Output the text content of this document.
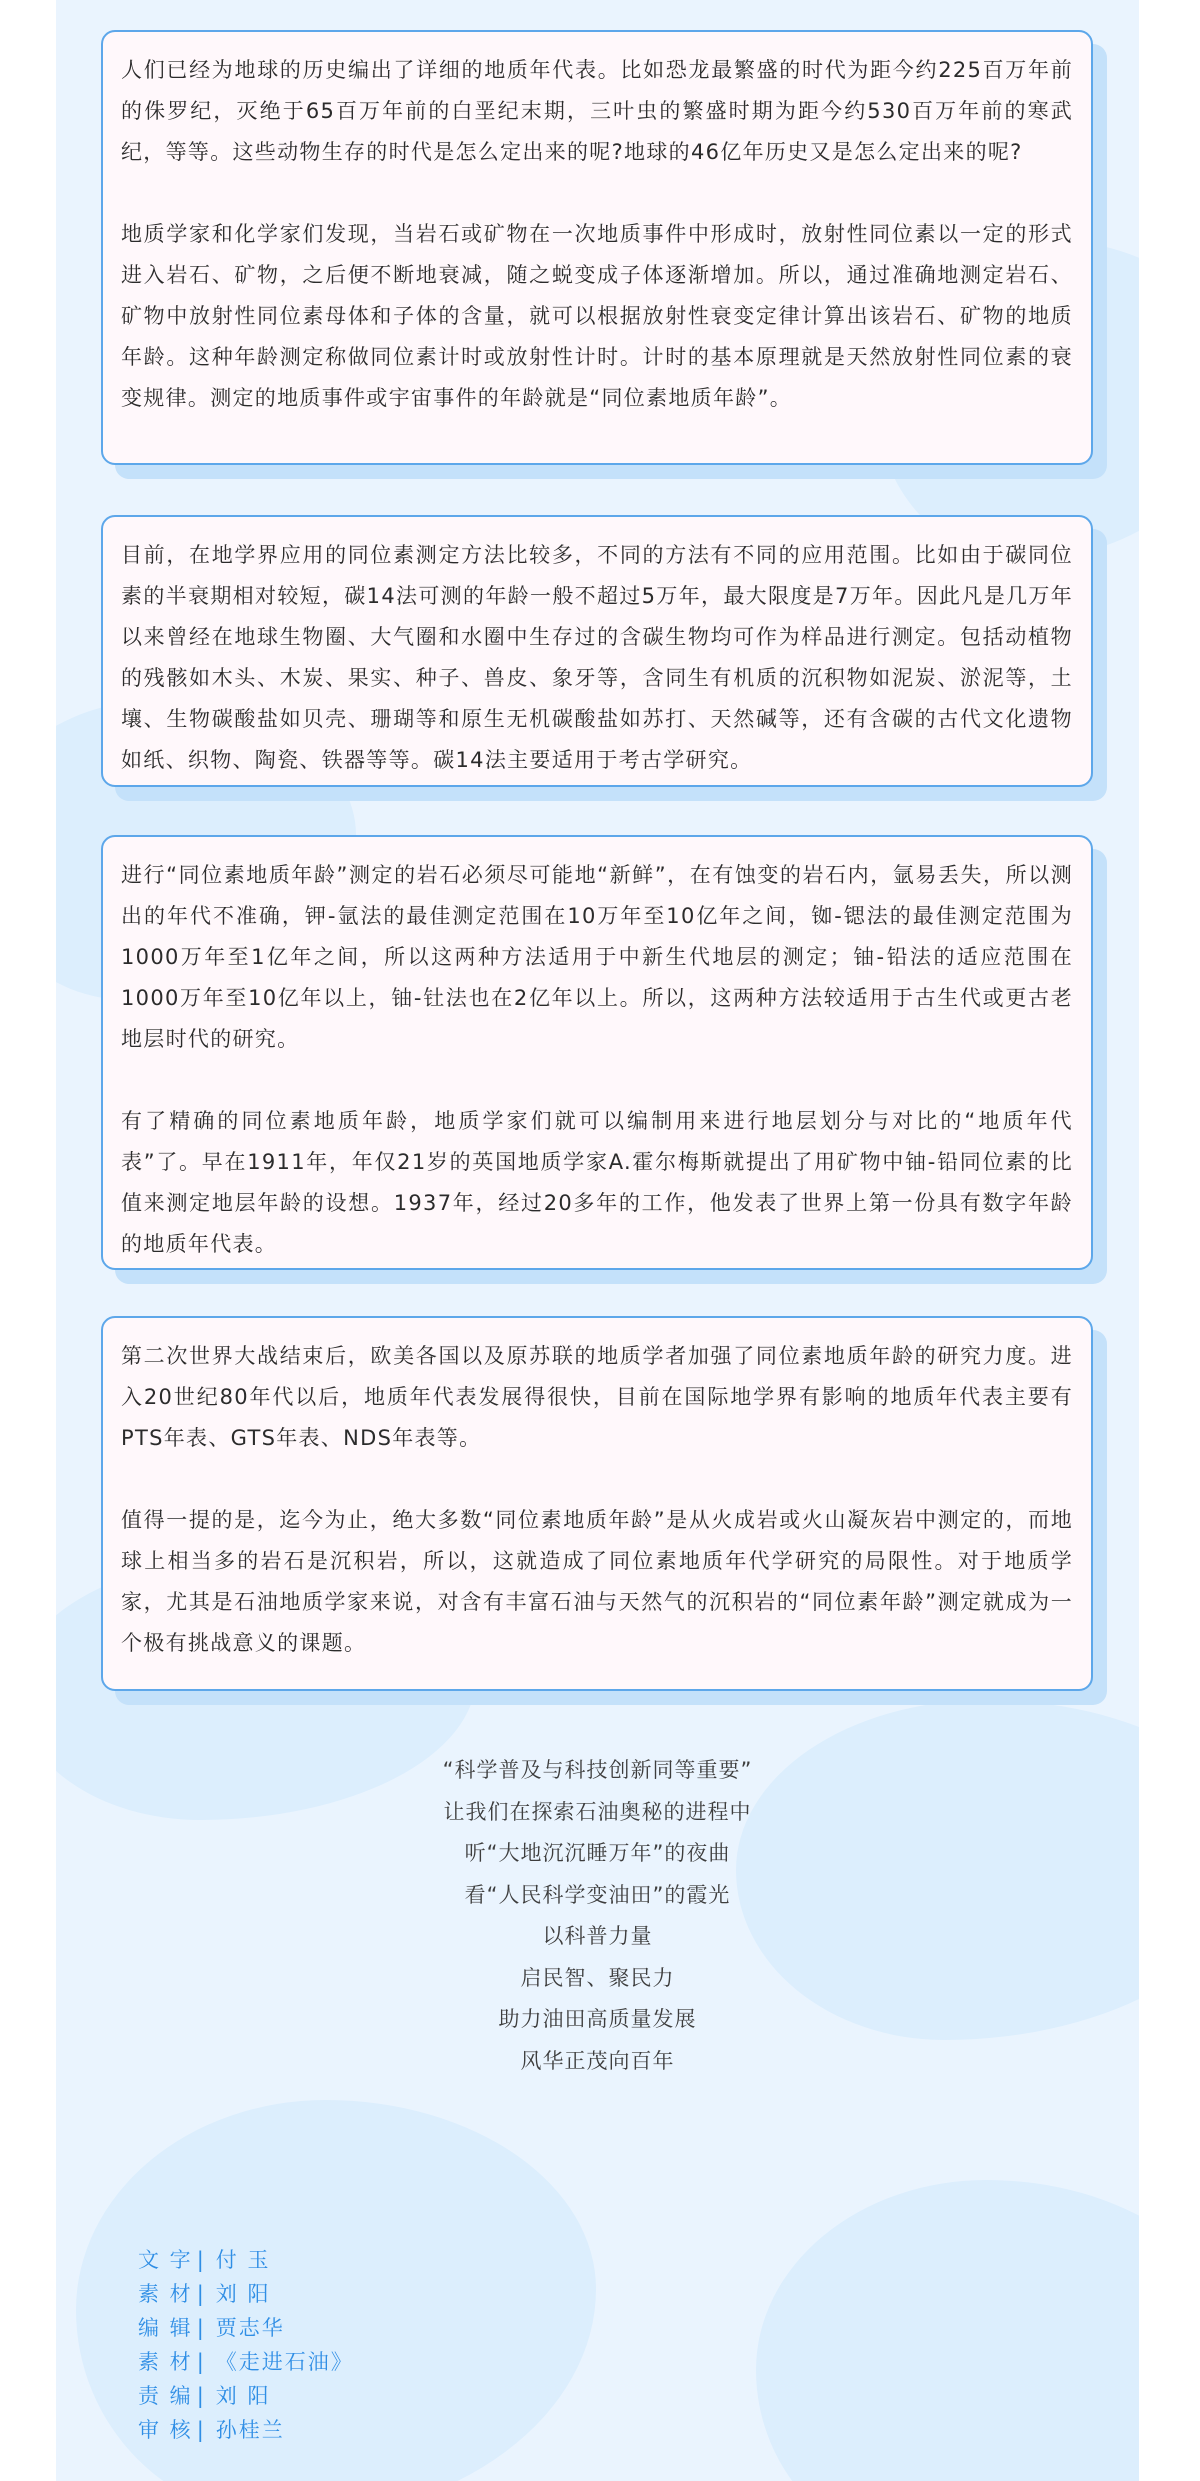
人们已经为地球的历史编出了详细的地质年代表。比如恐龙最繁盛的时代为距今约225百万年前的侏罗纪，灭绝于65百万年前的白垩纪末期，三叶虫的繁盛时期为距今约530百万年前的寒武纪，等等。这些动物生存的时代是怎么定出来的呢?地球的46亿年历史又是怎么定出来的呢?

地质学家和化学家们发现，当岩石或矿物在一次地质事件中形成时，放射性同位素以一定的形式进入岩石、矿物，之后便不断地衰减，随之蜕变成子体逐渐增加。所以，通过准确地测定岩石、矿物中放射性同位素母体和子体的含量，就可以根据放射性衰变定律计算出该岩石、矿物的地质年龄。这种年龄测定称做同位素计时或放射性计时。计时的基本原理就是天然放射性同位素的衰变规律。测定的地质事件或宇宙事件的年龄就是“同位素地质年龄”。

目前，在地学界应用的同位素测定方法比较多，不同的方法有不同的应用范围。比如由于碳同位素的半衰期相对较短，碳14法可测的年龄一般不超过5万年，最大限度是7万年。因此凡是几万年以来曾经在地球生物圈、大气圈和水圈中生存过的含碳生物均可作为样品进行测定。包括动植物的残骸如木头、木炭、果实、种子、兽皮、象牙等，含同生有机质的沉积物如泥炭、淤泥等，土壤、生物碳酸盐如贝壳、珊瑚等和原生无机碳酸盐如苏打、天然碱等，还有含碳的古代文化遗物如纸、织物、陶瓷、铁器等等。碳14法主要适用于考古学研究。

进行“同位素地质年龄”测定的岩石必须尽可能地“新鲜”，在有蚀变的岩石内，氩易丢失，所以测出的年代不准确，钾-氩法的最佳测定范围在10万年至10亿年之间，铷-锶法的最佳测定范围为1000万年至1亿年之间，所以这两种方法适用于中新生代地层的测定；铀-铅法的适应范围在1000万年至10亿年以上，铀-钍法也在2亿年以上。所以，这两种方法较适用于古生代或更古老地层时代的研究。

有了精确的同位素地质年龄，地质学家们就可以编制用来进行地层划分与对比的“地质年代表”了。早在1911年，年仅21岁的英国地质学家A.霍尔梅斯就提出了用矿物中铀-铅同位素的比值来测定地层年龄的设想。1937年，经过20多年的工作，他发表了世界上第一份具有数字年龄的地质年代表。

第二次世界大战结束后，欧美各国以及原苏联的地质学者加强了同位素地质年龄的研究力度。进入20世纪80年代以后，地质年代表发展得很快，目前在国际地学界有影响的地质年代表主要有PTS年表、GTS年表、NDS年表等。

值得一提的是，迄今为止，绝大多数“同位素地质年龄”是从火成岩或火山凝灰岩中测定的，而地球上相当多的岩石是沉积岩，所以，这就造成了同位素地质年代学研究的局限性。对于地质学家，尤其是石油地质学家来说，对含有丰富石油与天然气的沉积岩的“同位素年龄”测定就成为一个极有挑战意义的课题。

“科学普及与科技创新同等重要”
让我们在探索石油奥秘的进程中
听“大地沉沉睡万年”的夜曲
看“人民科学变油田”的霞光
以科普力量
启民智、聚民力
助力油田高质量发展
风华正茂向百年
文 字 | 付 玉
素 材 | 刘 阳
编 辑 | 贾志华
素 材 | 《走进石油》
责 编 | 刘 阳
审 核 | 孙桂兰
